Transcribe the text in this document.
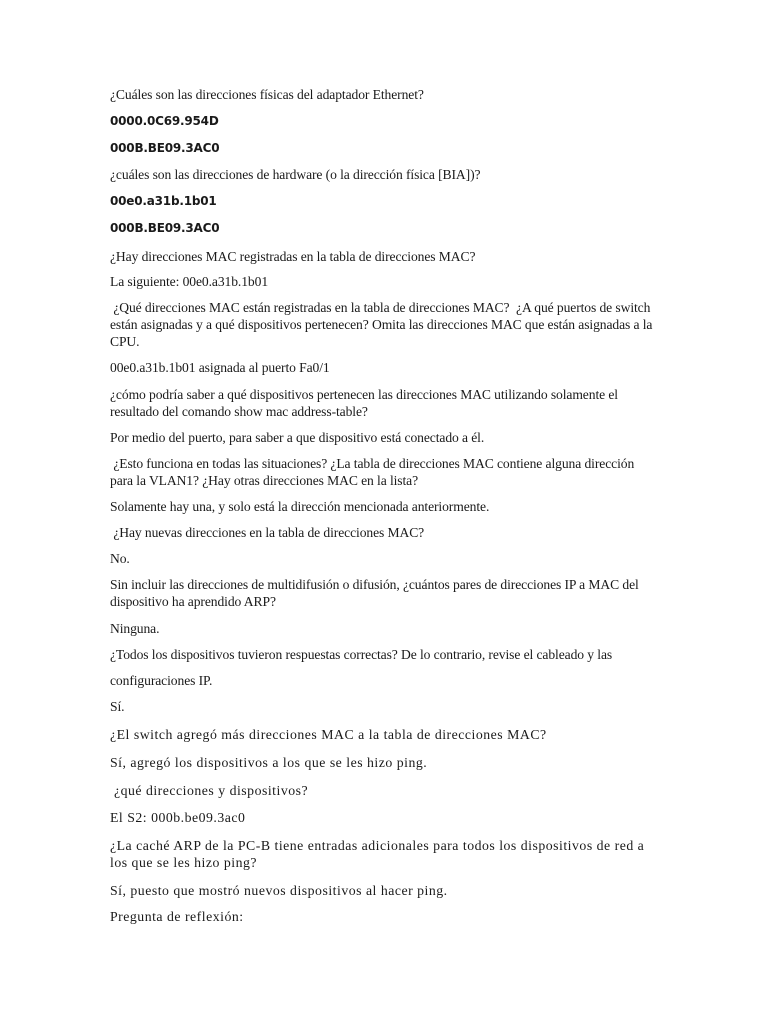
¿Cuáles son las direcciones físicas del adaptador Ethernet?
0000.0C69.954D
000B.BE09.3AC0
¿cuáles son las direcciones de hardware (o la dirección física [BIA])?
00e0.a31b.1b01
000B.BE09.3AC0
¿Hay direcciones MAC registradas en la tabla de direcciones MAC?
La siguiente: 00e0.a31b.1b01
¿Qué direcciones MAC están registradas en la tabla de direcciones MAC?  ¿A qué puertos de switch están asignadas y a qué dispositivos pertenecen? Omita las direcciones MAC que están asignadas a la CPU.
00e0.a31b.1b01 asignada al puerto Fa0/1
¿cómo podría saber a qué dispositivos pertenecen las direcciones MAC utilizando solamente el resultado del comando show mac address-table?
Por medio del puerto, para saber a que dispositivo está conectado a él.
¿Esto funciona en todas las situaciones? ¿La tabla de direcciones MAC contiene alguna dirección para la VLAN1? ¿Hay otras direcciones MAC en la lista?
Solamente hay una, y solo está la dirección mencionada anteriormente.
¿Hay nuevas direcciones en la tabla de direcciones MAC?
No.
Sin incluir las direcciones de multidifusión o difusión, ¿cuántos pares de direcciones IP a MAC del dispositivo ha aprendido ARP?
Ninguna.
¿Todos los dispositivos tuvieron respuestas correctas? De lo contrario, revise el cableado y las
configuraciones IP.
Sí.
¿El switch agregó más direcciones MAC a la tabla de direcciones MAC?
Sí, agregó los dispositivos a los que se les hizo ping.
¿qué direcciones y dispositivos?
El S2: 000b.be09.3ac0
¿La caché ARP de la PC-B tiene entradas adicionales para todos los dispositivos de red a los que se les hizo ping?
Sí, puesto que mostró nuevos dispositivos al hacer ping.
Pregunta de reflexión:
